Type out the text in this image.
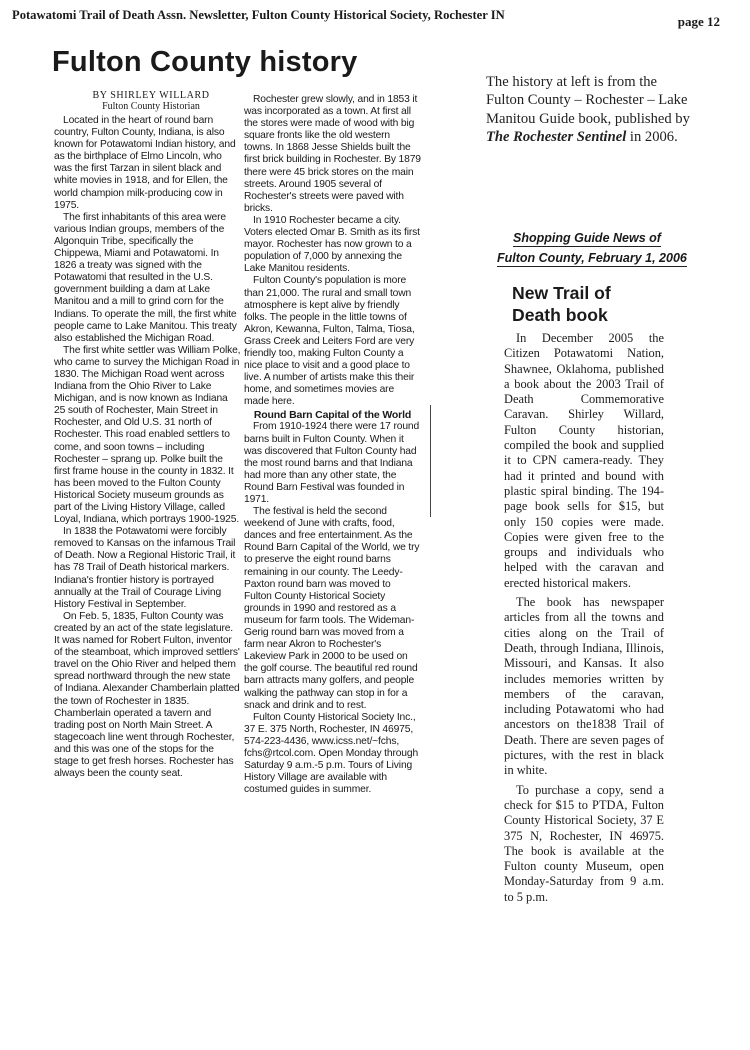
Potawatomi Trail of Death Assn. Newsletter, Fulton County Historical Society, Rochester IN	page 12
Fulton County history
BY SHIRLEY WILLARD
Fulton County Historian

Located in the heart of round barn country, Fulton County, Indiana, is also known for Potawatomi Indian history, and as the birthplace of Elmo Lincoln, who was the first Tarzan in silent black and white movies in 1918, and for Ellen, the world champion milk-producing cow in 1975.

The first inhabitants of this area were various Indian groups, members of the Algonquin Tribe, specifically the Chippewa, Miami and Potawatomi. In 1826 a treaty was signed with the Potawatomi that resulted in the U.S. government building a dam at Lake Manitou and a mill to grind corn for the Indians. To operate the mill, the first white people came to Lake Manitou. This treaty also established the Michigan Road.

The first white settler was William Polke, who came to survey the Michigan Road in 1830. The Michigan Road went across Indiana from the Ohio River to Lake Michigan, and is now known as Indiana 25 south of Rochester, Main Street in Rochester, and Old U.S. 31 north of Rochester. This road enabled settlers to come, and soon towns – including Rochester – sprang up. Polke built the first frame house in the county in 1832. It has been moved to the Fulton County Historical Society museum grounds as part of the Living History Village, called Loyal, Indiana, which portrays 1900-1925.

In 1838 the Potawatomi were forcibly removed to Kansas on the infamous Trail of Death. Now a Regional Historic Trail, it has 78 Trail of Death historical markers. Indiana's frontier history is portrayed annually at the Trail of Courage Living History Festival in September.

On Feb. 5, 1835, Fulton County was created by an act of the state legislature. It was named for Robert Fulton, inventor of the steamboat, which improved settlers' travel on the Ohio River and helped them spread northward through the new state of Indiana. Alexander Chamberlain platted the town of Rochester in 1835. Chamberlain operated a tavern and trading post on North Main Street. A stagecoach line went through Rochester, and this was one of the stops for the stage to get fresh horses. Rochester has always been the county seat.

Rochester grew slowly, and in 1853 it was incorporated as a town. At first all the stores were made of wood with big square fronts like the old western towns. In 1868 Jesse Shields built the first brick building in Rochester. By 1879 there were 45 brick stores on the main streets. Around 1905 several of Rochester's streets were paved with bricks.

In 1910 Rochester became a city. Voters elected Omar B. Smith as its first mayor. Rochester has now grown to a population of 7,000 by annexing the Lake Manitou residents.

Fulton County's population is more than 21,000. The rural and small town atmosphere is kept alive by friendly folks. The people in the little towns of Akron, Kewanna, Fulton, Talma, Tiosa, Grass Creek and Leiters Ford are very friendly too, making Fulton County a nice place to visit and a good place to live. A number of artists make this their home, and sometimes movies are made here.

Round Barn Capital of the World

From 1910-1924 there were 17 round barns built in Fulton County. When it was discovered that Fulton County had the most round barns and that Indiana had more than any other state, the Round Barn Festival was founded in 1971.

The festival is held the second weekend of June with crafts, food, dances and free entertainment. As the Round Barn Capital of the World, we try to preserve the eight round barns remaining in our county. The Leedy-Paxton round barn was moved to Fulton County Historical Society grounds in 1990 and restored as a museum for farm tools. The Wideman-Gerig round barn was moved from a farm near Akron to Rochester's Lakeview Park in 2000 to be used on the golf course. The beautiful red round barn attracts many golfers, and people walking the pathway can stop in for a snack and drink and to rest.

Fulton County Historical Society Inc., 37 E. 375 North, Rochester, IN 46975, 574-223-4436, www.icss.net/~fchs, fchs@rtcol.com. Open Monday through Saturday 9 a.m.-5 p.m. Tours of Living History Village are available with costumed guides in summer.

The history at left is from the Fulton County – Rochester – Lake Manitou Guide book, published by The Rochester Sentinel in 2006.
Shopping Guide News of
Fulton County, February 1, 2006
New Trail of Death book

In December 2005 the Citizen Potawatomi Nation, Shawnee, Oklahoma, published a book about the 2003 Trail of Death Commemorative Caravan. Shirley Willard, Fulton County historian, compiled the book and supplied it to CPN camera-ready. They had it printed and bound with plastic spiral binding. The 194-page book sells for $15, but only 150 copies were made. Copies were given free to the groups and individuals who helped with the caravan and erected historical makers.

The book has newspaper articles from all the towns and cities along on the Trail of Death, through Indiana, Illinois, Missouri, and Kansas. It also includes memories written by members of the caravan, including Potawatomi who had ancestors on the1838 Trail of Death. There are seven pages of pictures, with the rest in black in white.

To purchase a copy, send a check for $15 to PTDA, Fulton County Historical Society, 37 E 375 N, Rochester, IN 46975. The book is available at the Fulton county Museum, open Monday-Saturday from 9 a.m. to 5 p.m.
